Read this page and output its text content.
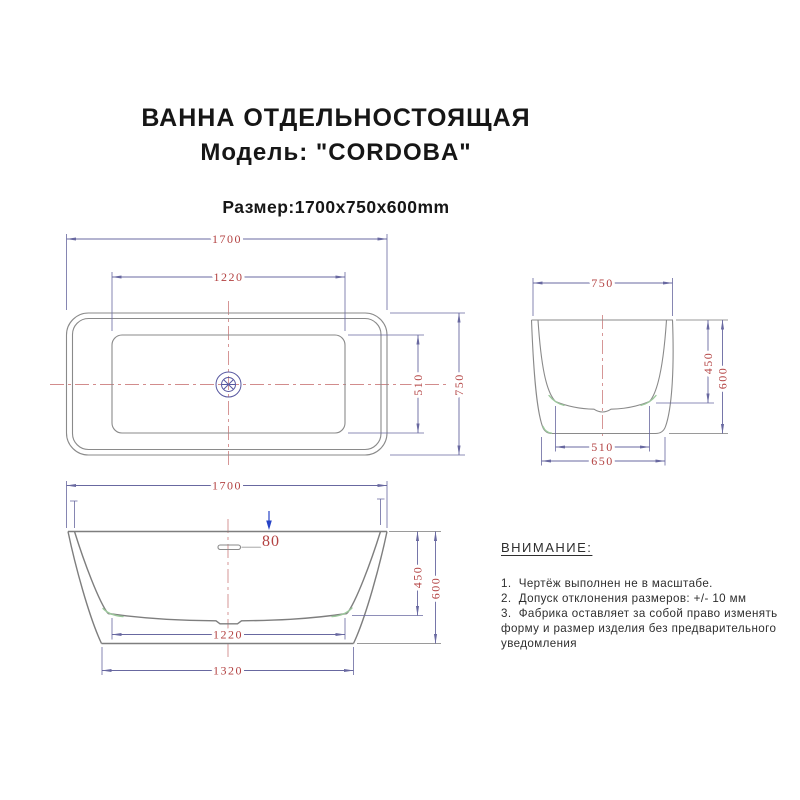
ВАННА ОТДЕЛЬНОСТОЯЩАЯ
Модель: "CORDOBA"
Размер:1700x750x600mm
1700
1220
510 750
750
450
600
510
650
1700
80
450 600
1220
1320
ВНИМАНИЕ:
1.  Чертёж выполнен не в масштабе.
2.  Допуск отклонения размеров: +/- 10 мм
3.  Фабрика оставляет за собой право изменять форму и размер изделия без предварительного уведомления
